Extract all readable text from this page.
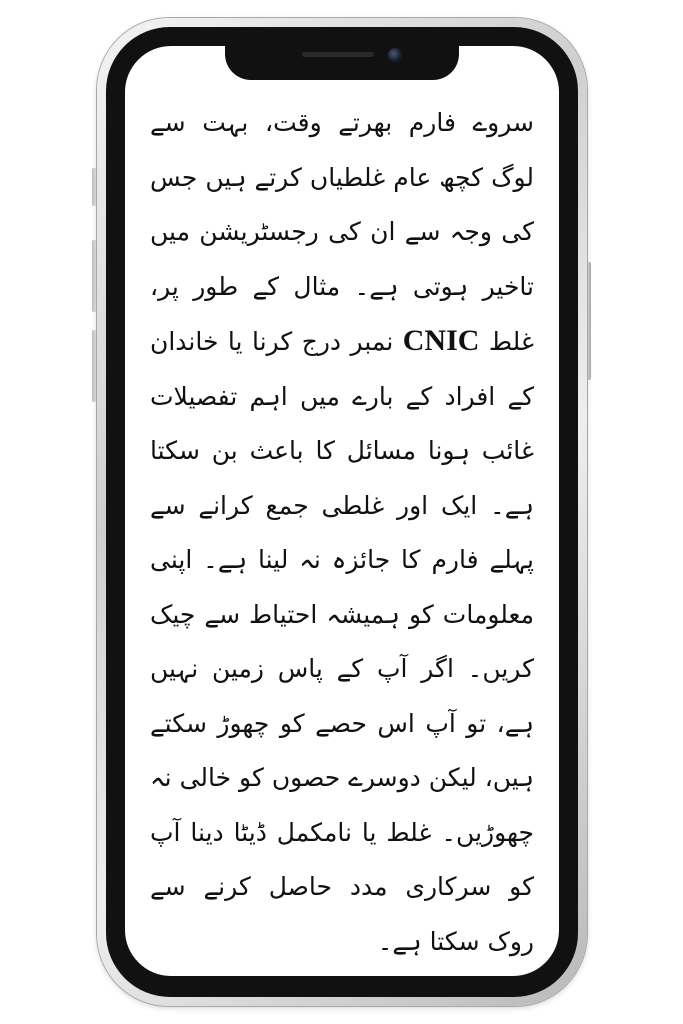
سروے فارم بھرتے وقت، بہت سے لوگ کچھ عام غلطیاں کرتے ہیں جس کی وجہ سے ان کی رجسٹریشن میں تاخیر ہوتی ہے۔ مثال کے طور پر، غلط CNIC نمبر درج کرنا یا خاندان کے افراد کے بارے میں اہم تفصیلات غائب ہونا مسائل کا باعث بن سکتا ہے۔ ایک اور غلطی جمع کرانے سے پہلے فارم کا جائزہ نہ لینا ہے۔ اپنی معلومات کو ہمیشہ احتیاط سے چیک کریں۔ اگر آپ کے پاس زمین نہیں ہے، تو آپ اس حصے کو چھوڑ سکتے ہیں، لیکن دوسرے حصوں کو خالی نہ چھوڑیں۔ غلط یا نامکمل ڈیٹا دینا آپ کو سرکاری مدد حاصل کرنے سے روک سکتا ہے۔
